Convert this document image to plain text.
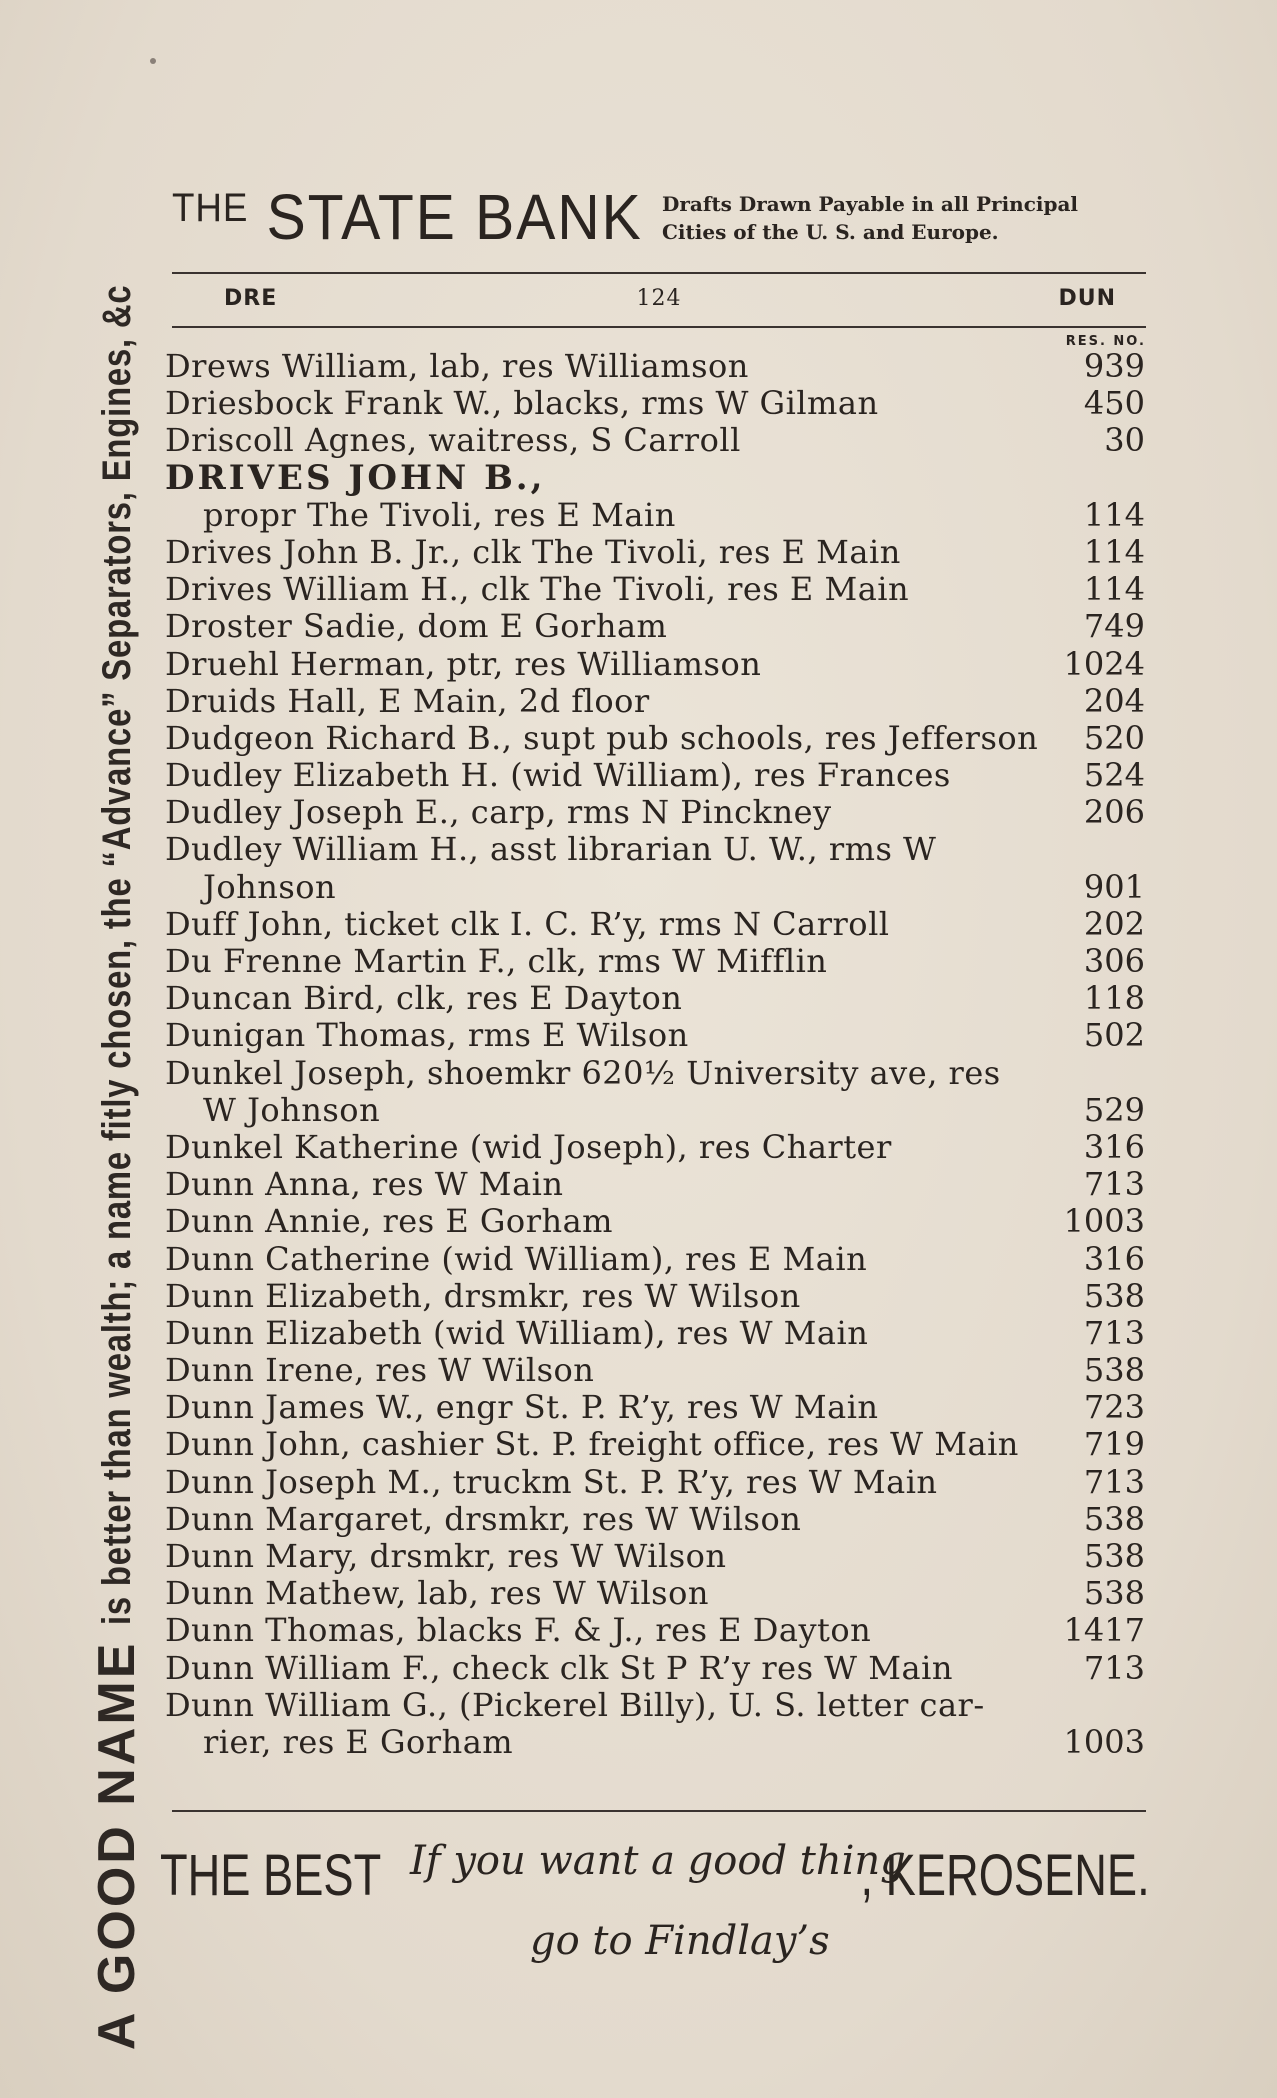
A GOOD NAME
is better than wealth; a name fitly chosen, the “Advance” Separators, Engines, &c
$^{THE}$ STATE BANK Drafts Drawn Payable in all Principal Cities of the U. S. and Europe.
DRE	124	DUN
RES. NO.
Drews William, lab, res Williamson	939
Driesbock Frank W., blacks, rms W Gilman	450
Driscoll Agnes, waitress, S Carroll	30
DRIVES JOHN B.,
propr The Tivoli, res E Main	114
Drives John B. Jr., clk The Tivoli, res E Main	114
Drives William H., clk The Tivoli, res E Main	114
Droster Sadie, dom E Gorham	749
Druehl Herman, ptr, res Williamson	1024
Druids Hall, E Main, 2d floor	204
Dudgeon Richard B., supt pub schools, res Jefferson 520
Dudley Elizabeth H. (wid William), res Frances	524
Dudley Joseph E., carp, rms N Pinckney	206
Dudley William H., asst librarian U. W., rms W
Johnson	901
Duff John, ticket clk I. C. R’y, rms N Carroll	202
Du Frenne Martin F., clk, rms W Mifflin	306
Duncan Bird, clk, res E Dayton	118
Dunigan Thomas, rms E Wilson	502
Dunkel Joseph, shoemkr 620½ University ave, res
W Johnson	529
Dunkel Katherine (wid Joseph), res Charter	316
Dunn Anna, res W Main	713
Dunn Annie, res E Gorham	1003
Dunn Catherine (wid William), res E Main	316
Dunn Elizabeth, drsmkr, res W Wilson	538
Dunn Elizabeth (wid William), res W Main	713
Dunn Irene, res W Wilson	538
Dunn James W., engr St. P. R’y, res W Main	723
Dunn John, cashier St. P. freight office, res W Main 719
Dunn Joseph M., truckm St. P. R’y, res W Main	713
Dunn Margaret, drsmkr, res W Wilson	538
Dunn Mary, drsmkr, res W Wilson	538
Dunn Mathew, lab, res W Wilson	538
Dunn Thomas, blacks F. & J., res E Dayton	1417
Dunn William F., check clk St P R’y res W Main	713
Dunn William G., (Pickerel Billy), U. S. letter car-
rier, res E Gorham	1003
THE BEST If you want a good thing
go to Findlay’s
, KEROSENE.
